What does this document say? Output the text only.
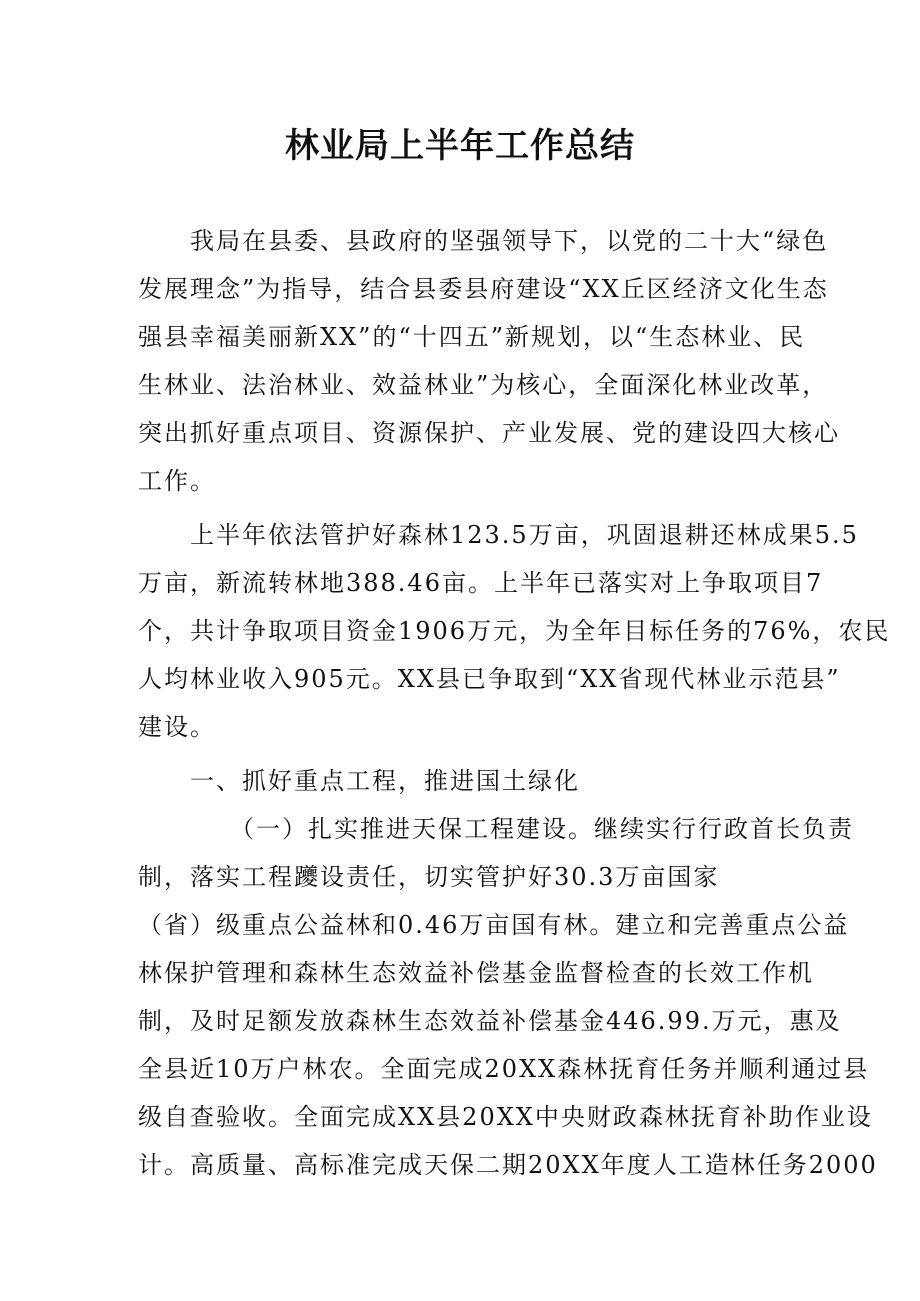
林业局上半年工作总结
　　我局在县委、县政府的坚强领导下，以党的二十大“绿色
发展理念”为指导，结合县委县府建设“XX丘区经济文化生态
强县幸福美丽新XX”的“十四五”新规划，以“生态林业、民
生林业、法治林业、效益林业”为核心，全面深化林业改革，
突出抓好重点项目、资源保护、产业发展、党的建设四大核心
工作。
　　上半年依法管护好森林123.5万亩，巩固退耕还林成果5.5
万亩，新流转林地388.46亩。上半年已落实对上争取项目7
个，共计争取项目资金1906万元，为全年目标任务的76%，农民
人均林业收入905元。XX县已争取到“XX省现代林业示范县”
建设。
　　一、抓好重点工程，推进国土绿化
　　　　（一）扎实推进天保工程建设。继续实行行政首长负责
制，落实工程躨设责任，切实管护好30.3万亩国家
（省）级重点公益林和0.46万亩国有林。建立和完善重点公益
林保护管理和森林生态效益补偿基金监督检查的长效工作机
制，及时足额发放森林生态效益补偿基金446.99.万元，惠及
全县近10万户林农。全面完成20XX森林抚育任务并顺利通过县
级自查验收。全面完成XX县20XX中央财政森林抚育补助作业设
计。高质量、高标准完成天保二期20XX年度人工造林任务2000
